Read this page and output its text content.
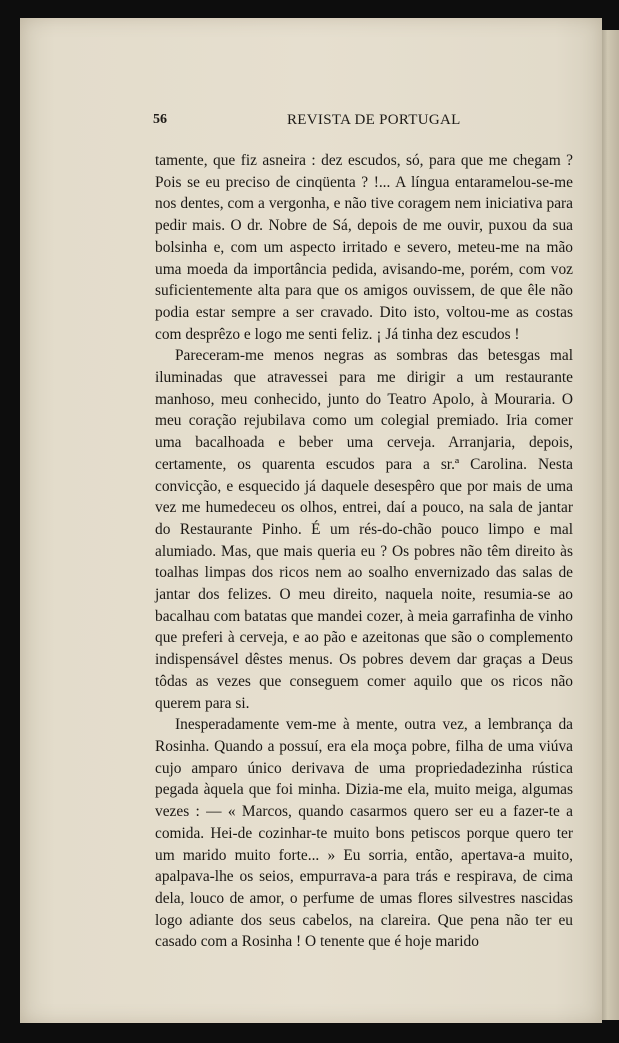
56	REVISTA DE PORTUGAL

tamente, que fiz asneira : dez escudos, só, para que me chegam ? Pois se eu preciso de cinqüenta ? !... A língua entaramelou-se-me nos dentes, com a vergonha, e não tive coragem nem iniciativa para pedir mais. O dr. Nobre de Sá, depois de me ouvir, puxou da sua bolsinha e, com um aspecto irritado e severo, meteu-me na mão uma moeda da importância pedida, avisando-me, porém, com voz suficientemente alta para que os amigos ouvissem, de que êle não podia estar sempre a ser cravado. Dito isto, voltou-me as costas com desprêzo e logo me senti feliz. ¡ Já tinha dez escudos !

Pareceram-me menos negras as sombras das betesgas mal iluminadas que atravessei para me dirigir a um restaurante manhoso, meu conhecido, junto do Teatro Apolo, à Mouraria. O meu coração rejubilava como um colegial premiado. Iria comer uma bacalhoada e beber uma cerveja. Arranjaria, depois, certamente, os quarenta escudos para a sr.ª Carolina. Nesta convicção, e esquecido já daquele desespêro que por mais de uma vez me humedeceu os olhos, entrei, daí a pouco, na sala de jantar do Restaurante Pinho. É um rés-do-chão pouco limpo e mal alumiado. Mas, que mais queria eu ? Os pobres não têm direito às toalhas limpas dos ricos nem ao soalho envernizado das salas de jantar dos felizes. O meu direito, naquela noite, resumia-se ao bacalhau com batatas que mandei cozer, à meia garrafinha de vinho que preferi à cerveja, e ao pão e azeitonas que são o complemento indispensável dêstes menus. Os pobres devem dar graças a Deus tôdas as vezes que conseguem comer aquilo que os ricos não querem para si.

Inesperadamente vem-me à mente, outra vez, a lembrança da Rosinha. Quando a possuí, era ela moça pobre, filha de uma viúva cujo amparo único derivava de uma propriedadezinha rústica pegada àquela que foi minha. Dizia-me ela, muito meiga, algumas vezes : — « Marcos, quando casarmos quero ser eu a fazer-te a comida. Hei-de cozinhar-te muito bons petiscos porque quero ter um marido muito forte... » Eu sorria, então, apertava-a muito, apalpava-lhe os seios, empurrava-a para trás e respirava, de cima dela, louco de amor, o perfume de umas flores silvestres nascidas logo adiante dos seus cabelos, na clareira. Que pena não ter eu casado com a Rosinha ! O tenente que é hoje marido
